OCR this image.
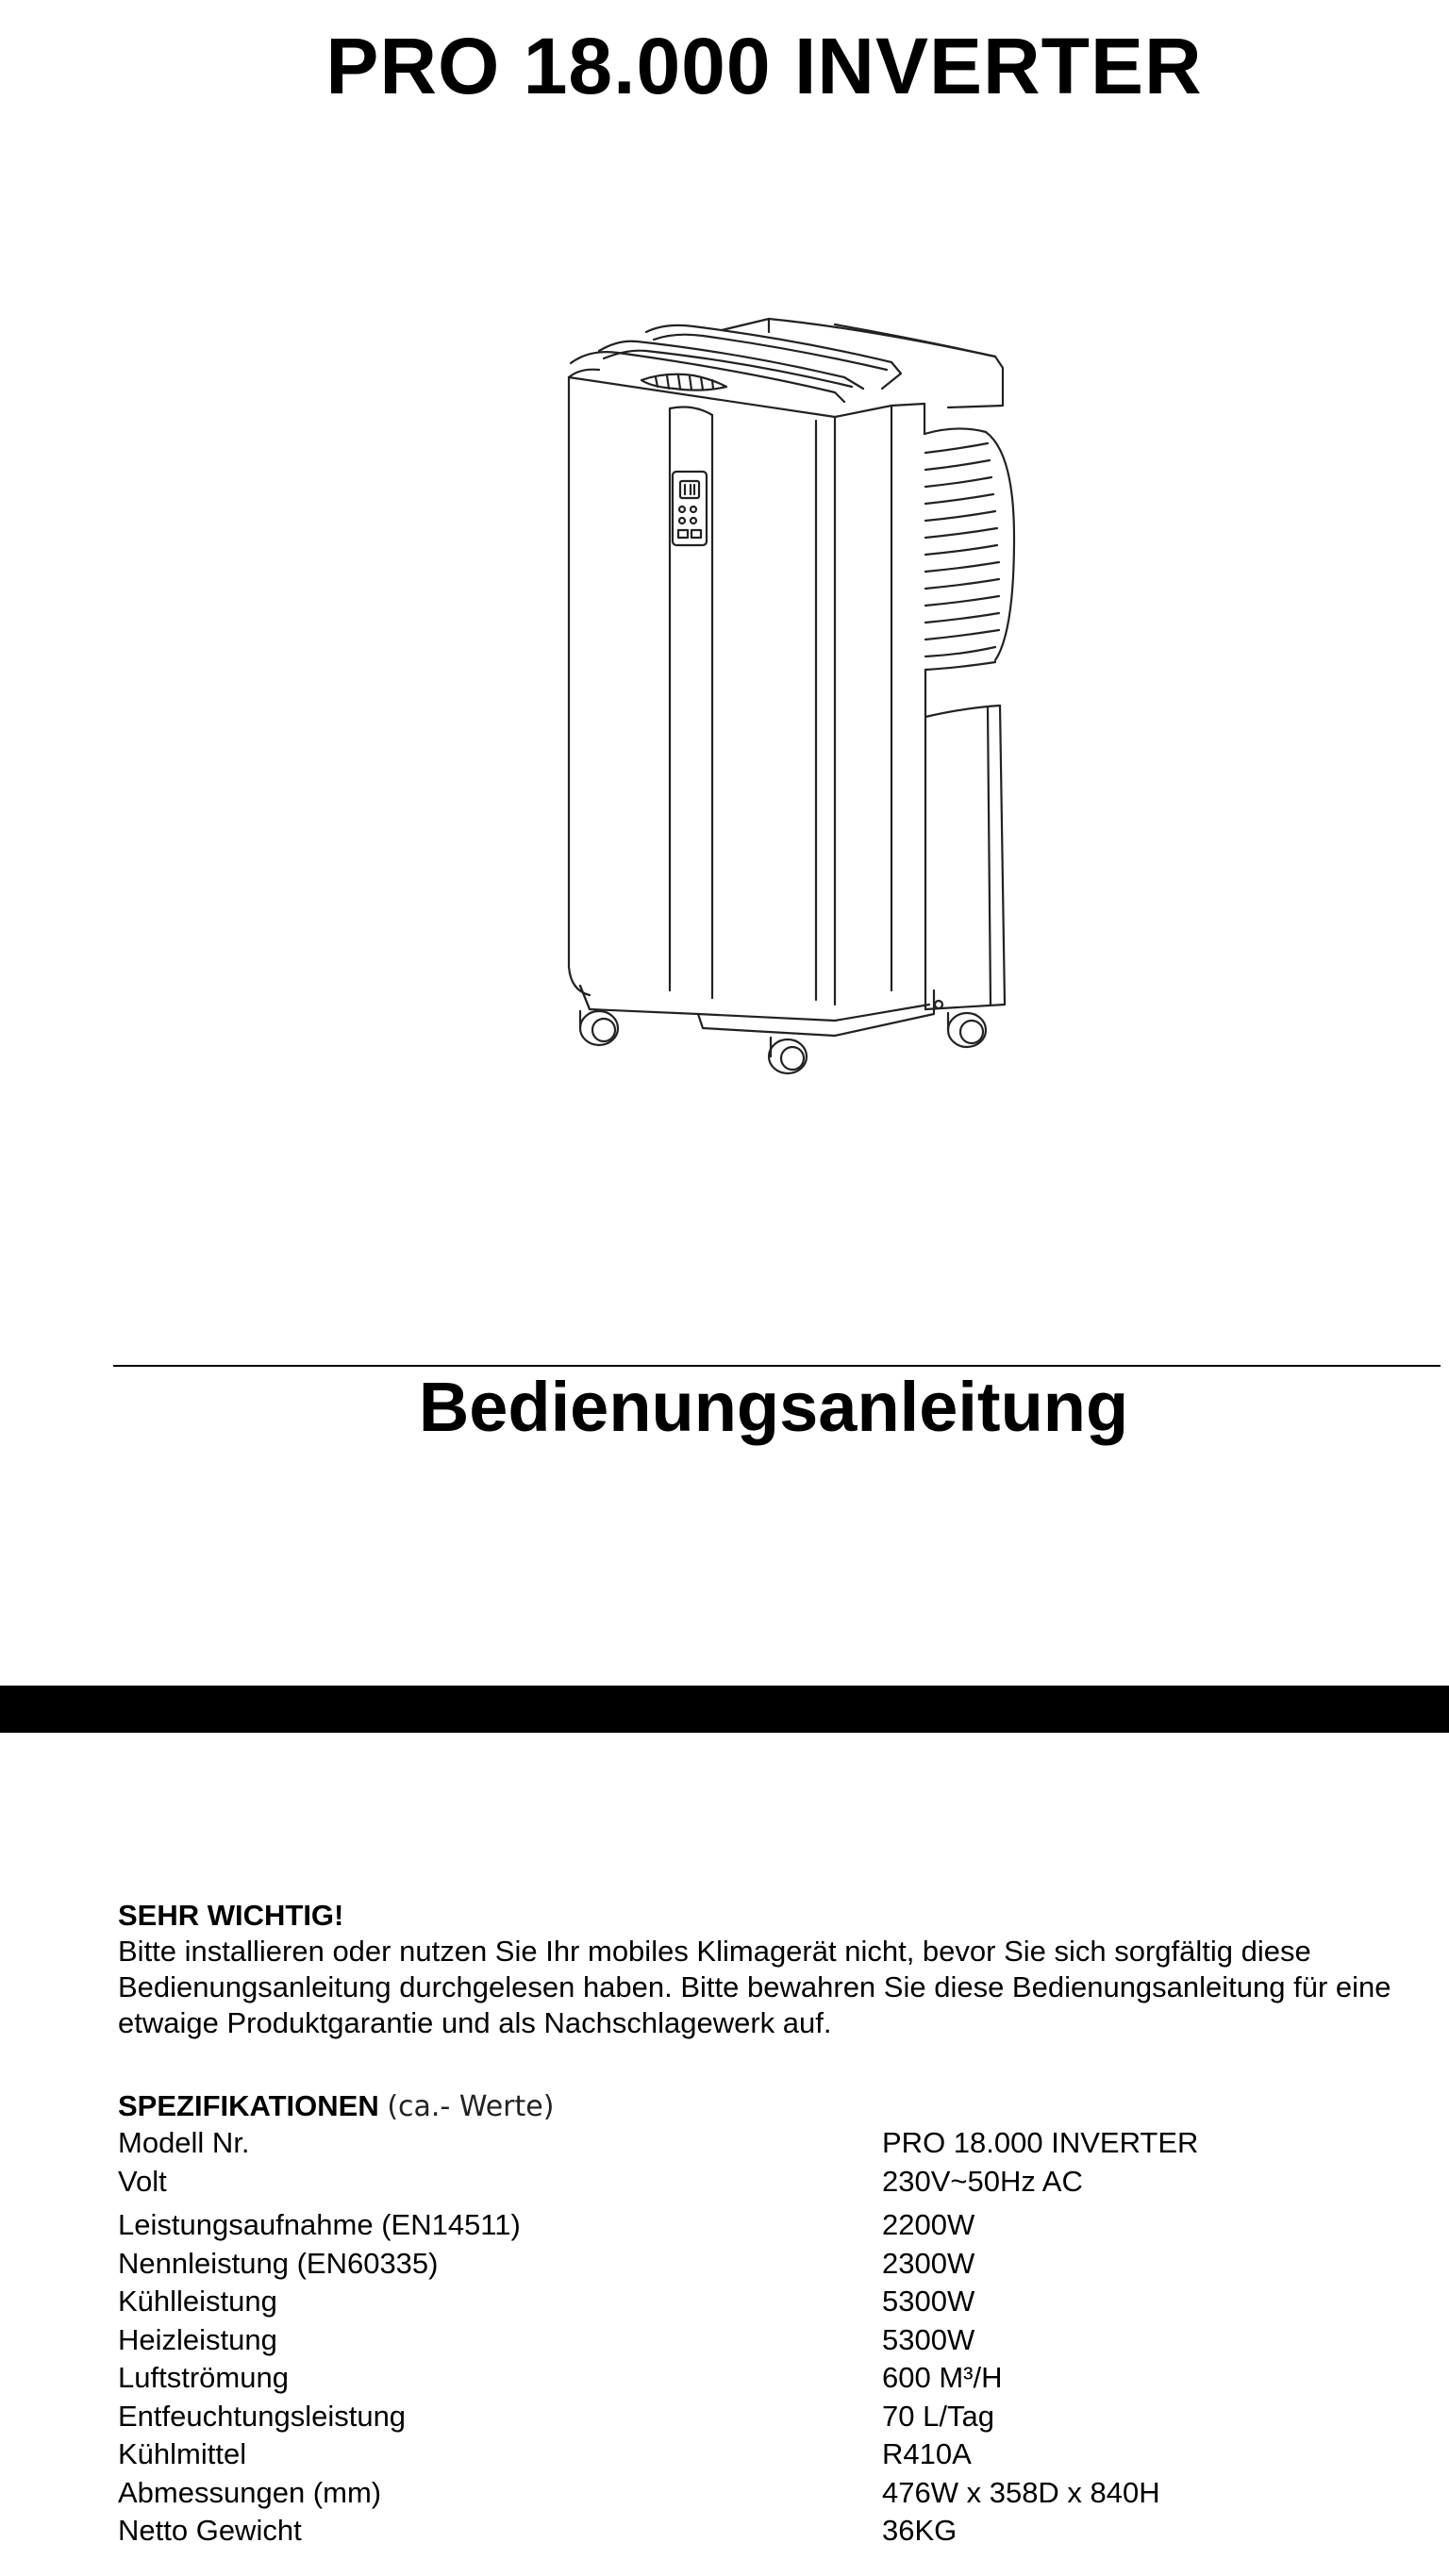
PRO 18.000 INVERTER
Bedienungsanleitung
SEHR WICHTIG!
Bitte installieren oder nutzen Sie Ihr mobiles Klimagerät nicht, bevor Sie sich sorgfältig diese Bedienungsanleitung durchgelesen haben. Bitte bewahren Sie diese Bedienungsanleitung für eine etwaige Produktgarantie und als Nachschlagewerk auf.
SPEZIFIKATIONEN (ca.- Werte)
Modell Nr.	PRO 18.000 INVERTER
Volt	230V~50Hz AC
Leistungsaufnahme (EN14511)	2200W
Nennleistung (EN60335)	2300W
Kühlleistung	5300W
Heizleistung	5300W
Luftströmung	600 M³/H
Entfeuchtungsleistung	70 L/Tag
Kühlmittel	R410A
Abmessungen (mm)	476W x 358D x 840H
Netto Gewicht	36KG
